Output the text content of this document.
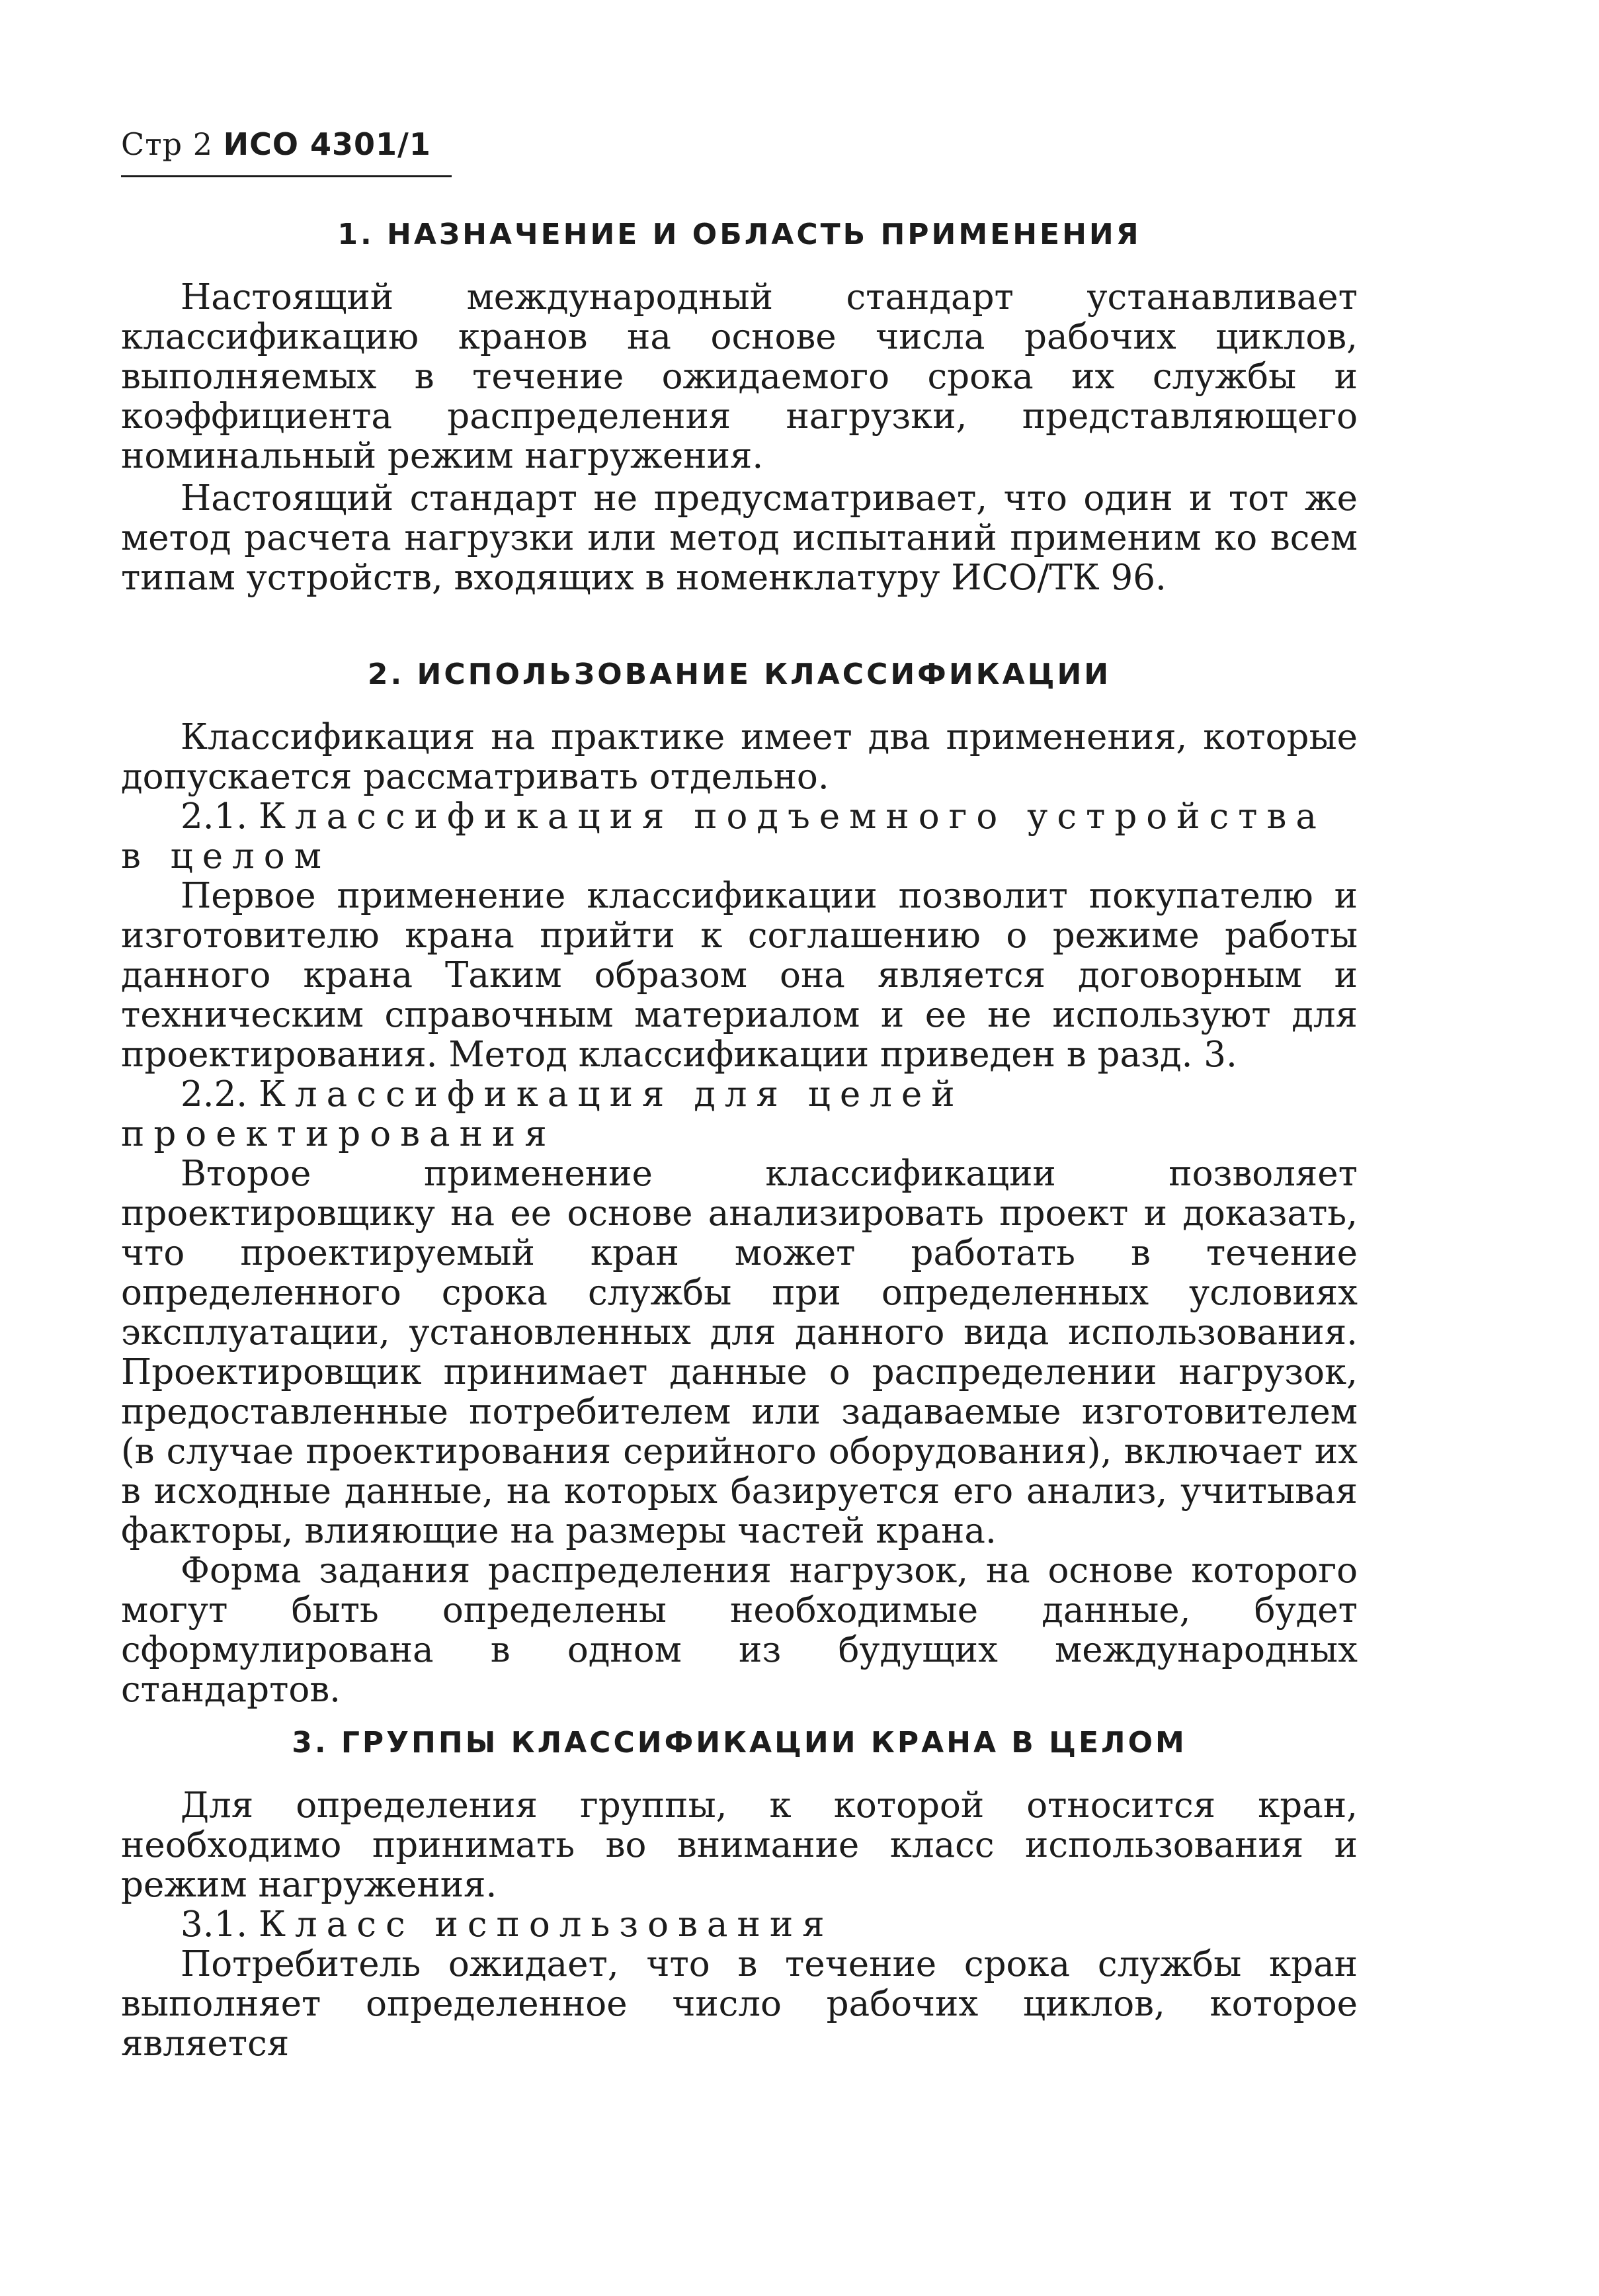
Стр 2 ИСО 4301/1
1. НАЗНАЧЕНИЕ И ОБЛАСТЬ ПРИМЕНЕНИЯ

Настоящий международный стандарт устанавливает классификацию кранов на основе числа рабочих циклов, выполняемых в течение ожидаемого срока их службы и коэффициента распределения нагрузки, представляющего номинальный режим нагружения.

Настоящий стандарт не предусматривает, что один и тот же метод расчета нагрузки или метод испытаний применим ко всем типам устройств, входящих в номенклатуру ИСО/ТК 96.

2. ИСПОЛЬЗОВАНИЕ КЛАССИФИКАЦИИ

Классификация на практике имеет два применения, которые допускается рассматривать отдельно.

2.1. Классификация подъемного устройства в целом

Первое применение классификации позволит покупателю и изготовителю крана прийти к соглашению о режиме работы данного крана Таким образом она является договорным и техническим справочным материалом и ее не используют для проектирования. Метод классификации приведен в разд. 3.

2.2. Классификация для целей проектирования

Второе применение классификации позволяет проектировщику на ее основе анализировать проект и доказать, что проектируемый кран может работать в течение определенного срока службы при определенных условиях эксплуатации, установленных для данного вида использования. Проектировщик принимает данные о распределении нагрузок, предоставленные потребителем или задаваемые изготовителем (в случае проектирования серийного оборудования), включает их в исходные данные, на которых базируется его анализ, учитывая факторы, влияющие на размеры частей крана.

Форма задания распределения нагрузок, на основе которого могут быть определены необходимые данные, будет сформулирована в одном из будущих международных стандартов.

3. ГРУППЫ КЛАССИФИКАЦИИ КРАНА В ЦЕЛОМ

Для определения группы, к которой относится кран, необходимо принимать во внимание класс использования и режим нагружения.

3.1. Класс использования

Потребитель ожидает, что в течение срока службы кран выполняет определенное число рабочих циклов, которое является
